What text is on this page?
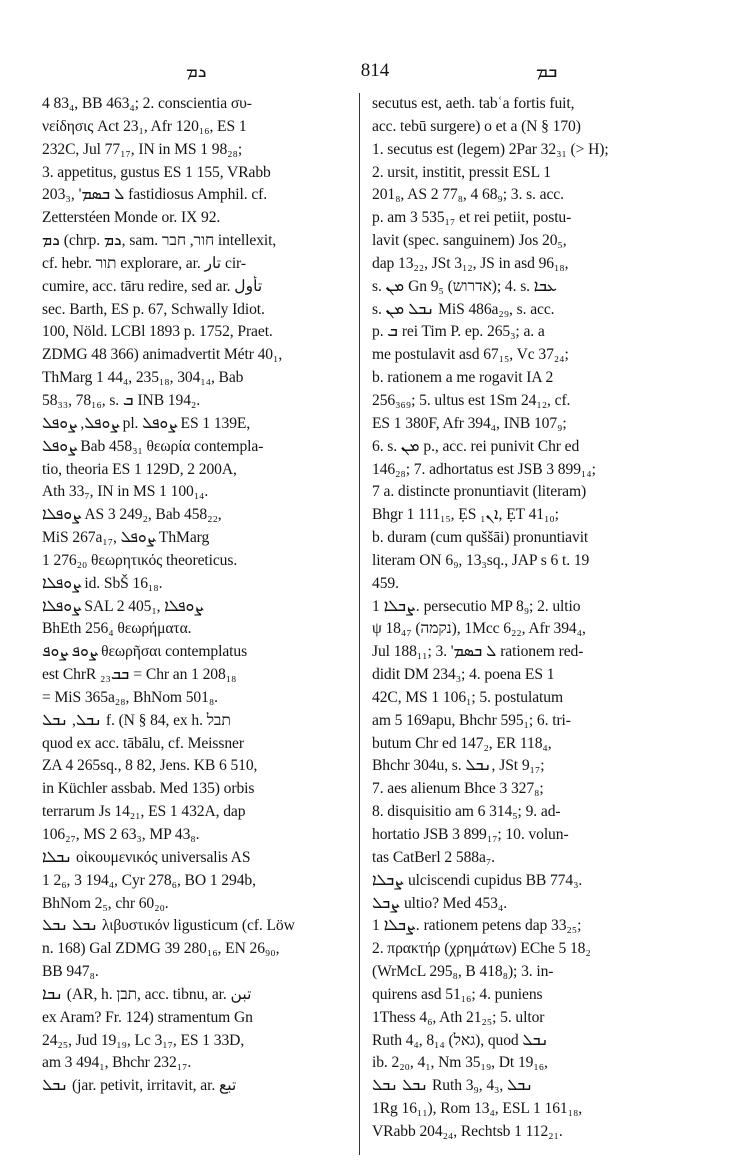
ܖܡ	814	ܒܡ
4 83₄, BB 463₄; 2. conscientia συ-
νείδησις Act 23₁, Afr 120₁₆, ES 1
232C, Jul 77₁₇, IN in MS 1 98₂₈;
3. appetitus, gustus ES 1 155, VRabb
203₃, 'ܠ ܒܣܡ fastidiosus Amphil. cf.
Zetterstéen Monde or. IX 92.
ܖܡ (chrp. ܖܡ, sam. חור, חבר intellexit,
cf. hebr. תור explorare, ar. تار cir-
cumire, acc. tāru redire, sed ar. تأول
sec. Barth, ES p. 67, Schwally Idiot.
100, Nöld. LCBl 1893 p. 1752, Praet.
ZDMG 48 366) animadvertit Métr 40₁,
ThMarg 1 44₄, 235₁₈, 304₁₄, Bab
58₃₃, 78₁₆, s. ܒ INB 194₂.
ܨܘܦܠ, ܨܘܦܠ pl. ܨܘܦܠ ES 1 139E,
ܨܘܦܠ Bab 458₃₁ θεωρία contempla-
tio, theoria ES 1 129D, 2 200A,
Ath 33₇, IN in MS 1 100₁₄.
ܨܘܦܠܐ AS 3 249₂, Bab 458₂₂,
MiS 267a₁₇, ܨܘܦܠ ThMarg
1 276₂₀ θεωρητικός theoreticus.
ܨܘܦܠܐ id. SbŠ 16₁₈.
ܨܘܦܠܐ SAL 2 405₁, ܨܘܦܠܐ
BhEth 256₄ θεωρήματα.
ܨܘܦ ܨܘܦ θεωρῆσαι contemplatus
est ChrR ܒܒ₂₃ = Chr an 1 208₁₈
= MiS 365a₂₈, BhNom 501₈.
ܢܒܠ, ܢܒܠ f. (N § 84, ex h. תבל
quod ex acc. tābālu, cf. Meissner
ZA 4 265sq., 8 82, Jens. KB 6 510,
in Küchler assbab. Med 135) orbis
terrarum Js 14₂₁, ES 1 432A, dap
106₂₇, MS 2 63₃, MP 43₈.
ܢܒܠܐ οἰκουμενικός universalis AS
1 2₆, 3 194₄, Cyr 278₆, BO 1 294b,
BhNom 2₅, chr 60₂₀.
ܢܒܠ ܢܒܠ λιβυστικόν ligusticum (cf. Löw
n. 168) Gal ZDMG 39 280₁₆, EN 26₉₀,
BB 947₈.
ܢܒܐ (AR, h. תבן, acc. tibnu, ar. تبن
ex Aram? Fr. 124) stramentum Gn
24₂₅, Jud 19₁₉, Lc 3₁₇, ES 1 33D,
am 3 494₁, Bhchr 232₁₇.
ܢܒܠ (jar. petivit, irritavit, ar. تبع
secutus est, aeth. tabʿa fortis fuit,
acc. tebū surgere) o et a (N § 170)
1. secutus est (legem) 2Par 32₃₁ (> H);
2. ursit, institit, pressit ESL 1
201₈, AS 2 77₈, 4 68₉; 3. s. acc.
p. am 3 535₁₇ et rei petiit, postu-
lavit (spec. sanguinem) Jos 20₅,
dap 13₂₂, JSt 3₁₂, JS in asd 96₁₈,
s. ܡܢ Gn 9₅ (אדרוש); 4. s. ܥܒܐ
s. ܢܒܠ ܡܢ MiS 486a₂₉, s. acc.
p. ܒ rei Tim P. ep. 265₃; a. a
me postulavit asd 67₁₅, Vc 37₂₄;
b. rationem a me rogavit IA 2
256₃₆₉; 5. ultus est 1Sm 24₁₂, cf.
ES 1 380F, Afr 394₄, INB 107₉;
6. s. ܡܢ p., acc. rei punivit Chr ed
146₂₈; 7. adhortatus est JSB 3 899₁₄;
7 a. distincte pronuntiavit (literam)
Bhgr 1 111₁₅, ẸS ܐܢ₁, ẸT 41₁₀;
b. duram (cum quššāi) pronuntiavit
literam ON 6₉, 13₃sq., JAP s 6 t. 19
459.
ܨܒܠܐ 1. persecutio MP 8₉; 2. ultio
ψ 18₄₇ (נקמה), 1Mcc 6₂₂, Afr 394₄,
Jul 188₁₁; 3. 'ܠ ܒܣܡ rationem red-
didit DM 234₃; 4. poena ES 1
42C, MS 1 106₁; 5. postulatum
am 5 169apu, Bhchr 595₁; 6. tri-
butum Chr ed 147₂, ER 118₄,
Bhchr 304u, s. ܢܒܠ, JSt 9₁₇;
7. aes alienum Bhce 3 327₈;
8. disquisitio am 6 314₅; 9. ad-
hortatio JSB 3 899₁₇; 10. volun-
tas CatBerl 2 588a₇.
ܨܒܠܐ ulciscendi cupidus BB 774₃.
ܨܒܠ ultio? Med 453₄.
ܨܒܠܐ 1. rationem petens dap 33₂₅;
2. πρακτήρ (χρημάτων) EChe 5 18₂
(WrMcL 295₈, B 418₈); 3. in-
quirens asd 51₁₆; 4. puniens
1Thess 4₆, Ath 21₂₅; 5. ultor
Ruth 4₄, 8₁₄ (גאל), quod ܢܒܠ
ib. 2₂₀, 4₁, Nm 35₁₉, Dt 19₁₆,
ܢܒܠ ܢܒܠ Ruth 3₉, 4₃, ܢܒܠ
1Rg 16₁₁), Rom 13₄, ESL 1 161₁₈,
VRabb 204₂₄, Rechtsb 1 112₂₁.
